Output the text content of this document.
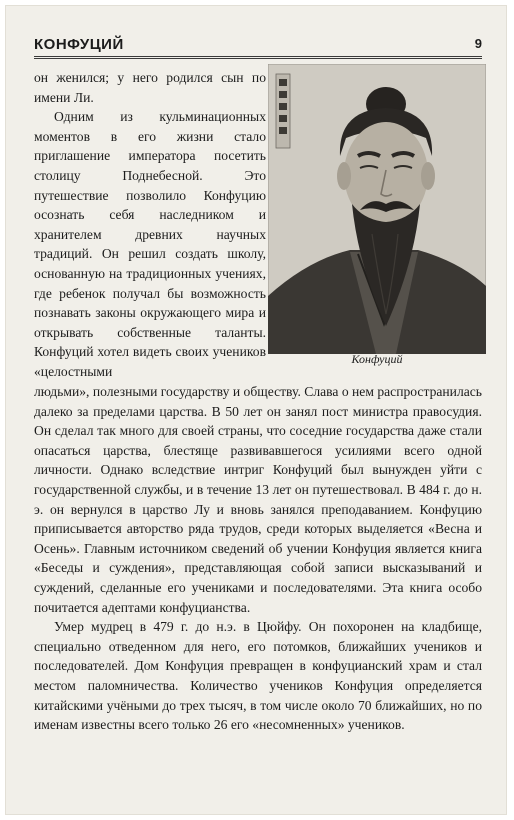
КОНФУЦИЙ	9

он женился; у него родился сын по имени Ли.

Одним из кульминационных моментов в его жизни стало приглашение императора посетить столицу Поднебесной. Это путешествие позволило Конфуцию осознать себя наследником и хранителем древних научных традиций. Он решил создать школу, основанную на традиционных учениях, где ребенок получал бы возможность познавать законы окружающего мира и открывать собственные таланты. Конфуций хотел видеть своих учеников «целостными

Конфуций

людьми», полезными государству и обществу. Слава о нем распространилась далеко за пределами царства. В 50 лет он занял пост министра правосудия. Он сделал так много для своей страны, что соседние государства даже стали опасаться царства, блестяще развивавшегося усилиями всего одной личности. Однако вследствие интриг Конфуций был вынужден уйти с государственной службы, и в течение 13 лет он путешествовал. В 484 г. до н. э. он вернулся в царство Лу и вновь занялся преподаванием. Конфуцию приписывается авторство ряда трудов, среди которых выделяется «Весна и Осень». Главным источником сведений об учении Конфуция является книга «Беседы и суждения», представляющая собой записи высказываний и суждений, сделанные его учениками и последователями. Эта книга особо почитается адептами конфуцианства.

Умер мудрец в 479 г. до н.э. в Цюйфу. Он похоронен на кладбище, специально отведенном для него, его потомков, ближайших учеников и последователей. Дом Конфуция превращен в конфуцианский храм и стал местом паломничества. Количество учеников Конфуция определяется китайскими учёными до трех тысяч, в том числе около 70 ближайших, но по именам известны всего только 26 его «несомненных» учеников.
